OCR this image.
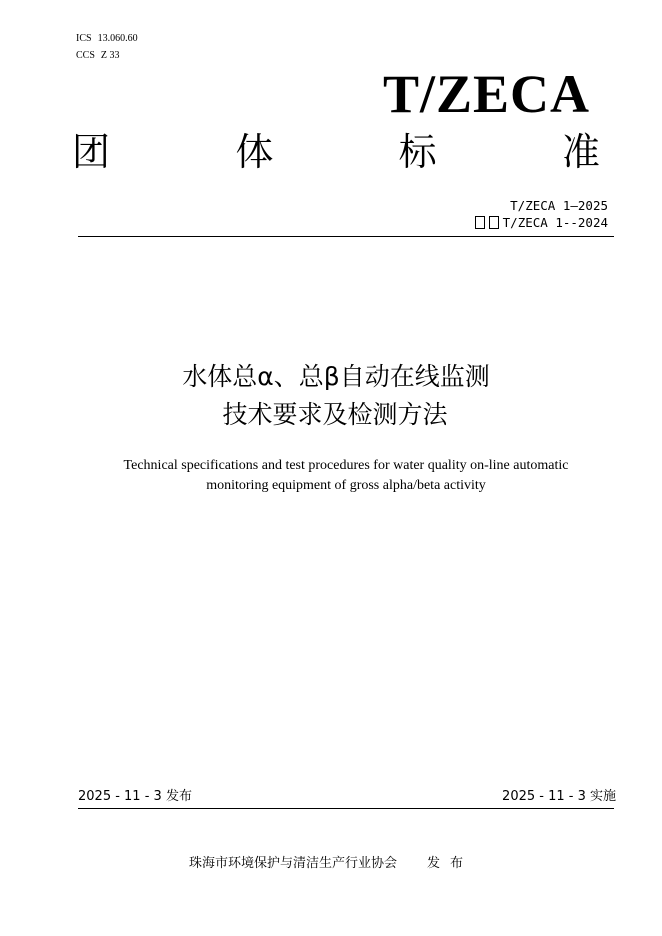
ICS 13.060.60
CCS Z 33
T/ZECA
团	体	标	准
T/ZECA 1—2025
T/ZECA 1--2024
水体总α、总β自动在线监测
技术要求及检测方法
Technical specifications and test procedures for water quality on-line automatic
monitoring equipment of gross alpha/beta activity
2025 - 11 - 3 发布	2025 - 11 - 3 实施
珠海市环境保护与清洁生产行业协会 发布
